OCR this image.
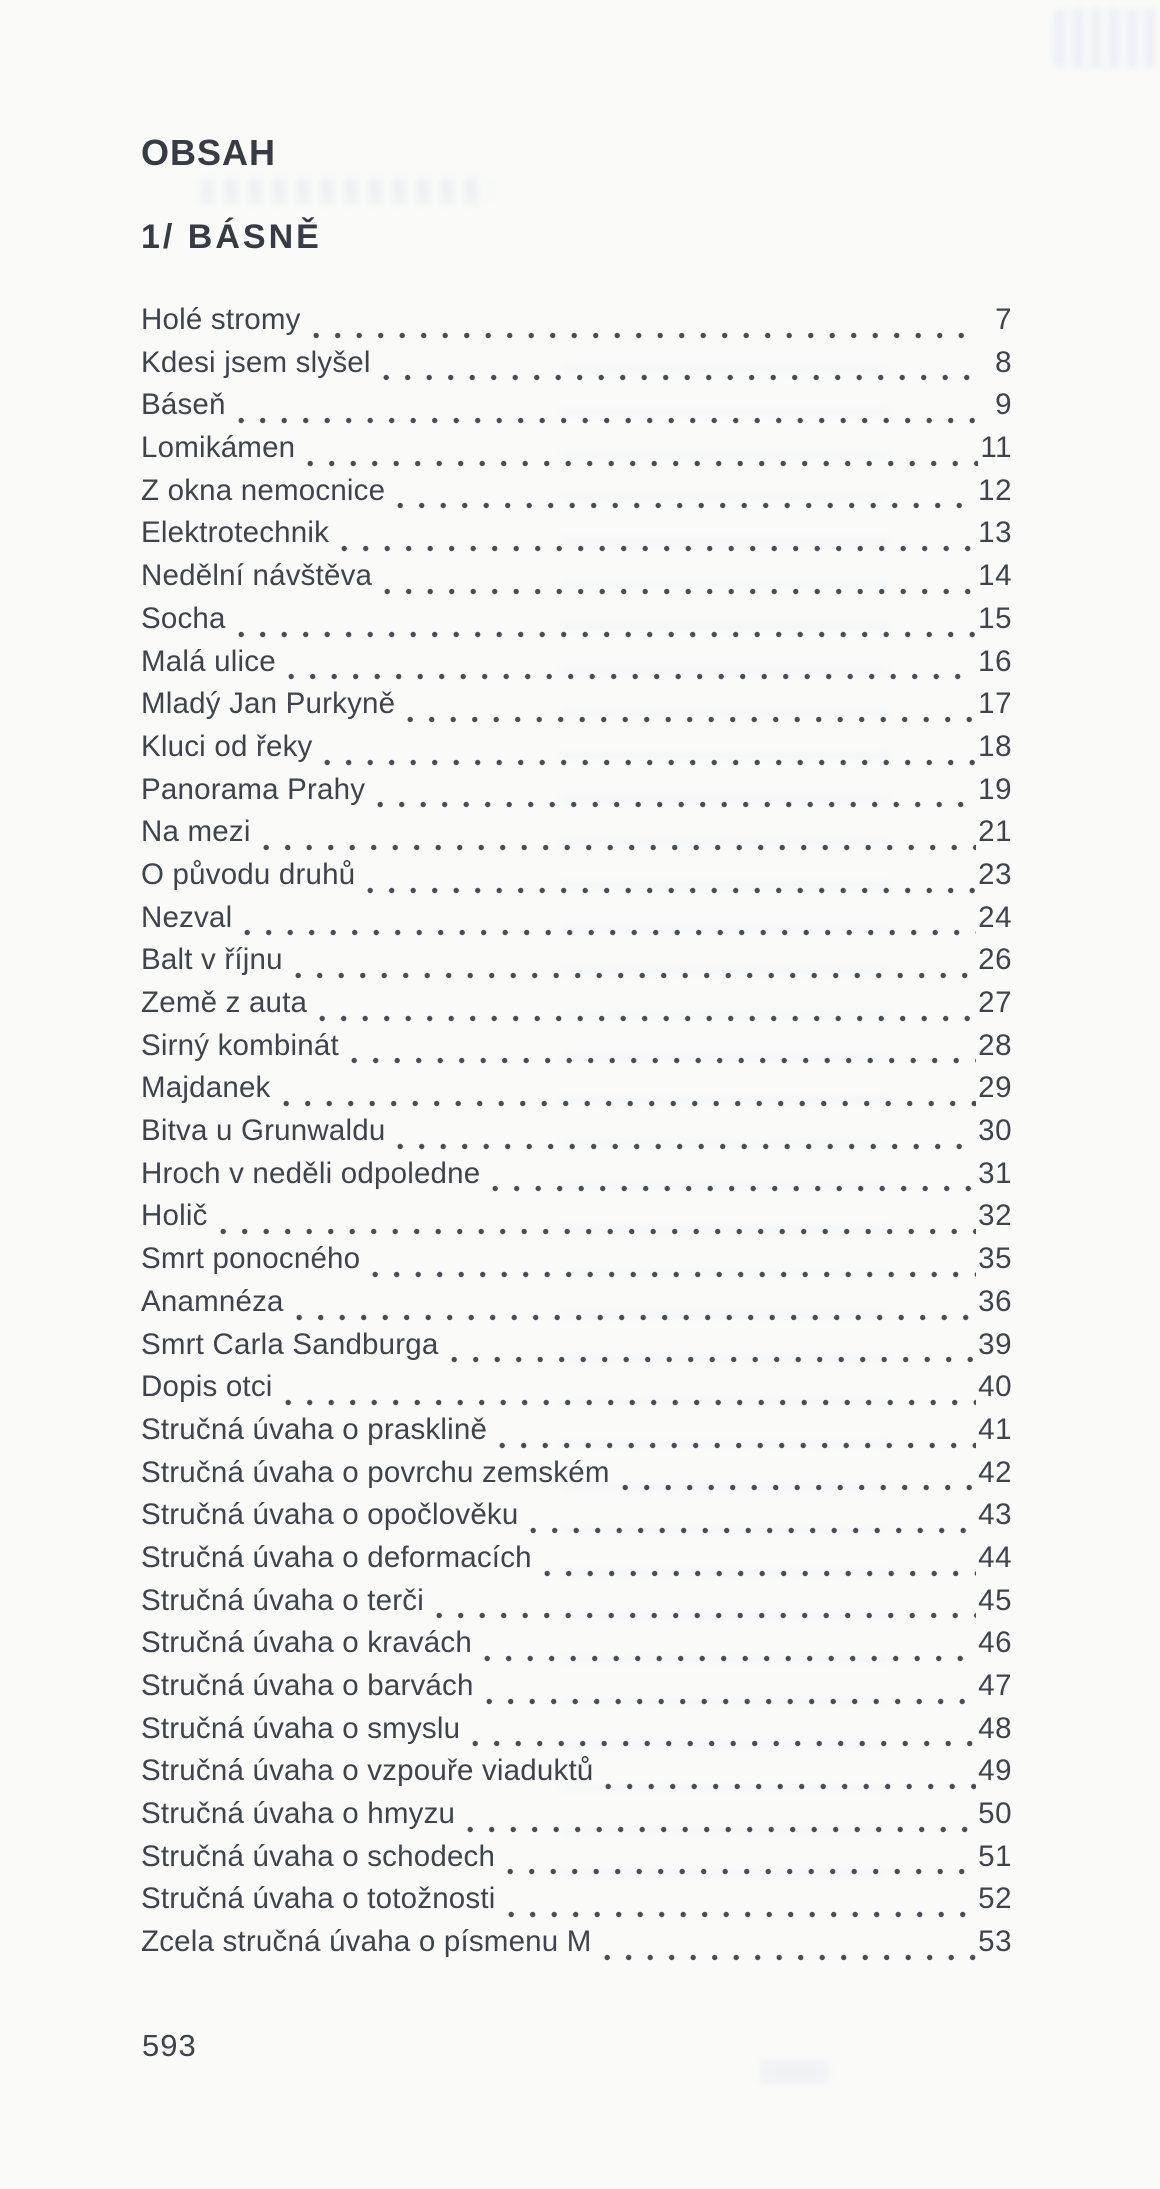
OBSAH
1/ BÁSNĚ
Holé stromy	7
Kdesi jsem slyšel	8
Báseň	9
Lomikámen	11
Z okna nemocnice	12
Elektrotechnik	13
Nedělní návštěva	14
Socha	15
Malá ulice	16
Mladý Jan Purkyně	17
Kluci od řeky	18
Panorama Prahy	19
Na mezi	21
O původu druhů	23
Nezval	24
Balt v říjnu	26
Země z auta	27
Sirný kombinát	28
Majdanek	29
Bitva u Grunwaldu	30
Hroch v neděli odpoledne	31
Holič	32
Smrt ponocného	35
Anamnéza	36
Smrt Carla Sandburga	39
Dopis otci	40
Stručná úvaha o prasklině	41
Stručná úvaha o povrchu zemském	42
Stručná úvaha o opočlověku	43
Stručná úvaha o deformacích	44
Stručná úvaha o terči	45
Stručná úvaha o kravách	46
Stručná úvaha o barvách	47
Stručná úvaha o smyslu	48
Stručná úvaha o vzpouře viaduktů	49
Stručná úvaha o hmyzu	50
Stručná úvaha o schodech	51
Stručná úvaha o totožnosti	52
Zcela stručná úvaha o písmenu M	53
593
